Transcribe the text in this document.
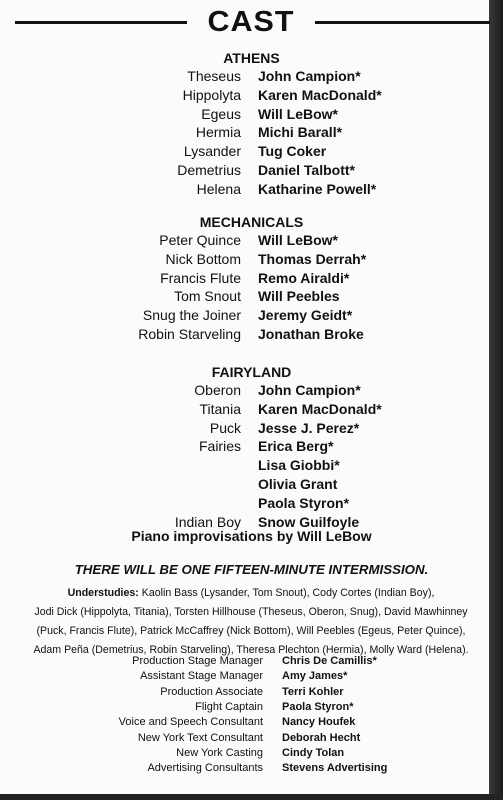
CAST
ATHENS
Theseus John Campion*
Hippolyta Karen MacDonald*
Egeus Will LeBow*
Hermia Michi Barall*
Lysander Tug Coker
Demetrius Daniel Talbott*
Helena Katharine Powell*
MECHANICALS
Peter Quince Will LeBow*
Nick Bottom Thomas Derrah*
Francis Flute Remo Airaldi*
Tom Snout Will Peebles
Snug the Joiner Jeremy Geidt*
Robin Starveling Jonathan Broke
FAIRYLAND
Oberon John Campion*
Titania Karen MacDonald*
Puck Jesse J. Perez*
Fairies Erica Berg*
Lisa Giobbi*
Olivia Grant
Paola Styron*
Indian Boy Snow Guilfoyle
Piano improvisations by Will LeBow
THERE WILL BE ONE FIFTEEN-MINUTE INTERMISSION.
Understudies: Kaolin Bass (Lysander, Tom Snout), Cody Cortes (Indian Boy),
Jodi Dick (Hippolyta, Titania), Torsten Hillhouse (Theseus, Oberon, Snug), David Mawhinney
(Puck, Francis Flute), Patrick McCaffrey (Nick Bottom), Will Peebles (Egeus, Peter Quince),
Adam Peña (Demetrius, Robin Starveling), Theresa Plechton (Hermia), Molly Ward (Helena).
Production Stage Manager Chris De Camillis*
Assistant Stage Manager Amy James*
Production Associate Terri Kohler
Flight Captain Paola Styron*
Voice and Speech Consultant Nancy Houfek
New York Text Consultant Deborah Hecht
New York Casting Cindy Tolan
Advertising Consultants Stevens Advertising
